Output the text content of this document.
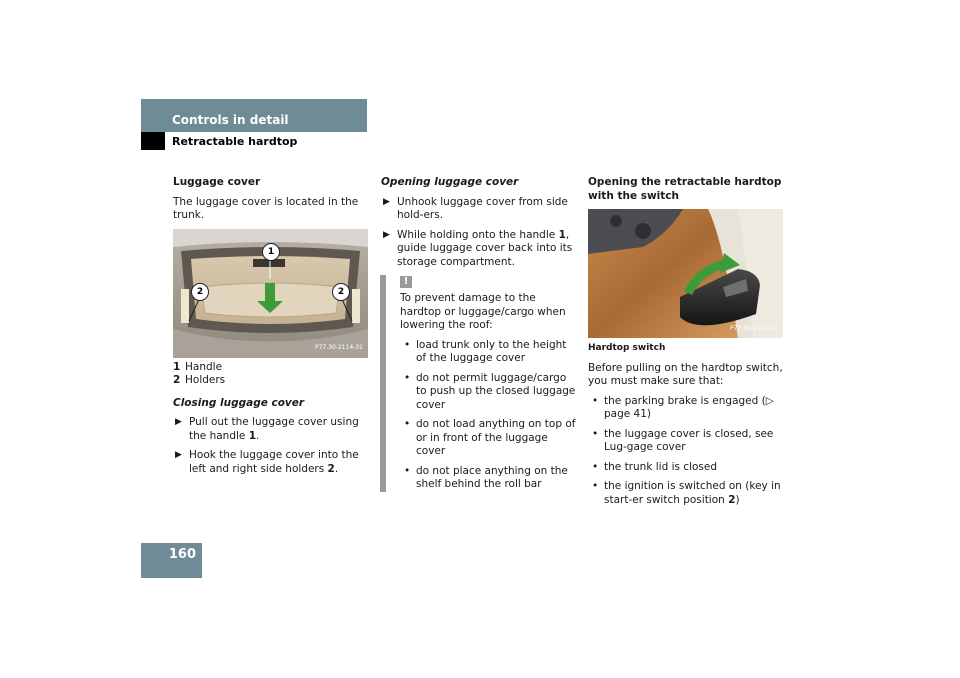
Controls in detail
Retractable hardtop
Luggage cover
The luggage cover is located in the trunk.
1
2	2
P77.30-2114-31
1 Handle
2 Holders
Closing luggage cover
▶ Pull out the luggage cover using the handle 1.
▶ Hook the luggage cover into the left and right side holders 2.
Opening luggage cover
▶ Unhook luggage cover from side hold-ers.
▶ While holding onto the handle 1, guide luggage cover back into its storage compartment.
!
To prevent damage to the hardtop or luggage/cargo when lowering the roof:
• load trunk only to the height of the luggage cover
• do not permit luggage/cargo to push up the closed luggage cover
• do not load anything on top of or in front of the luggage cover
• do not place anything on the shelf behind the roll bar
Opening the retractable hardtop with the switch
P77.30-2131-31
Hardtop switch
Before pulling on the hardtop switch, you must make sure that:
• the parking brake is engaged (▷ page 41)
• the luggage cover is closed, see Lug-gage cover
• the trunk lid is closed
• the ignition is switched on (key in start-er switch position 2)
160
